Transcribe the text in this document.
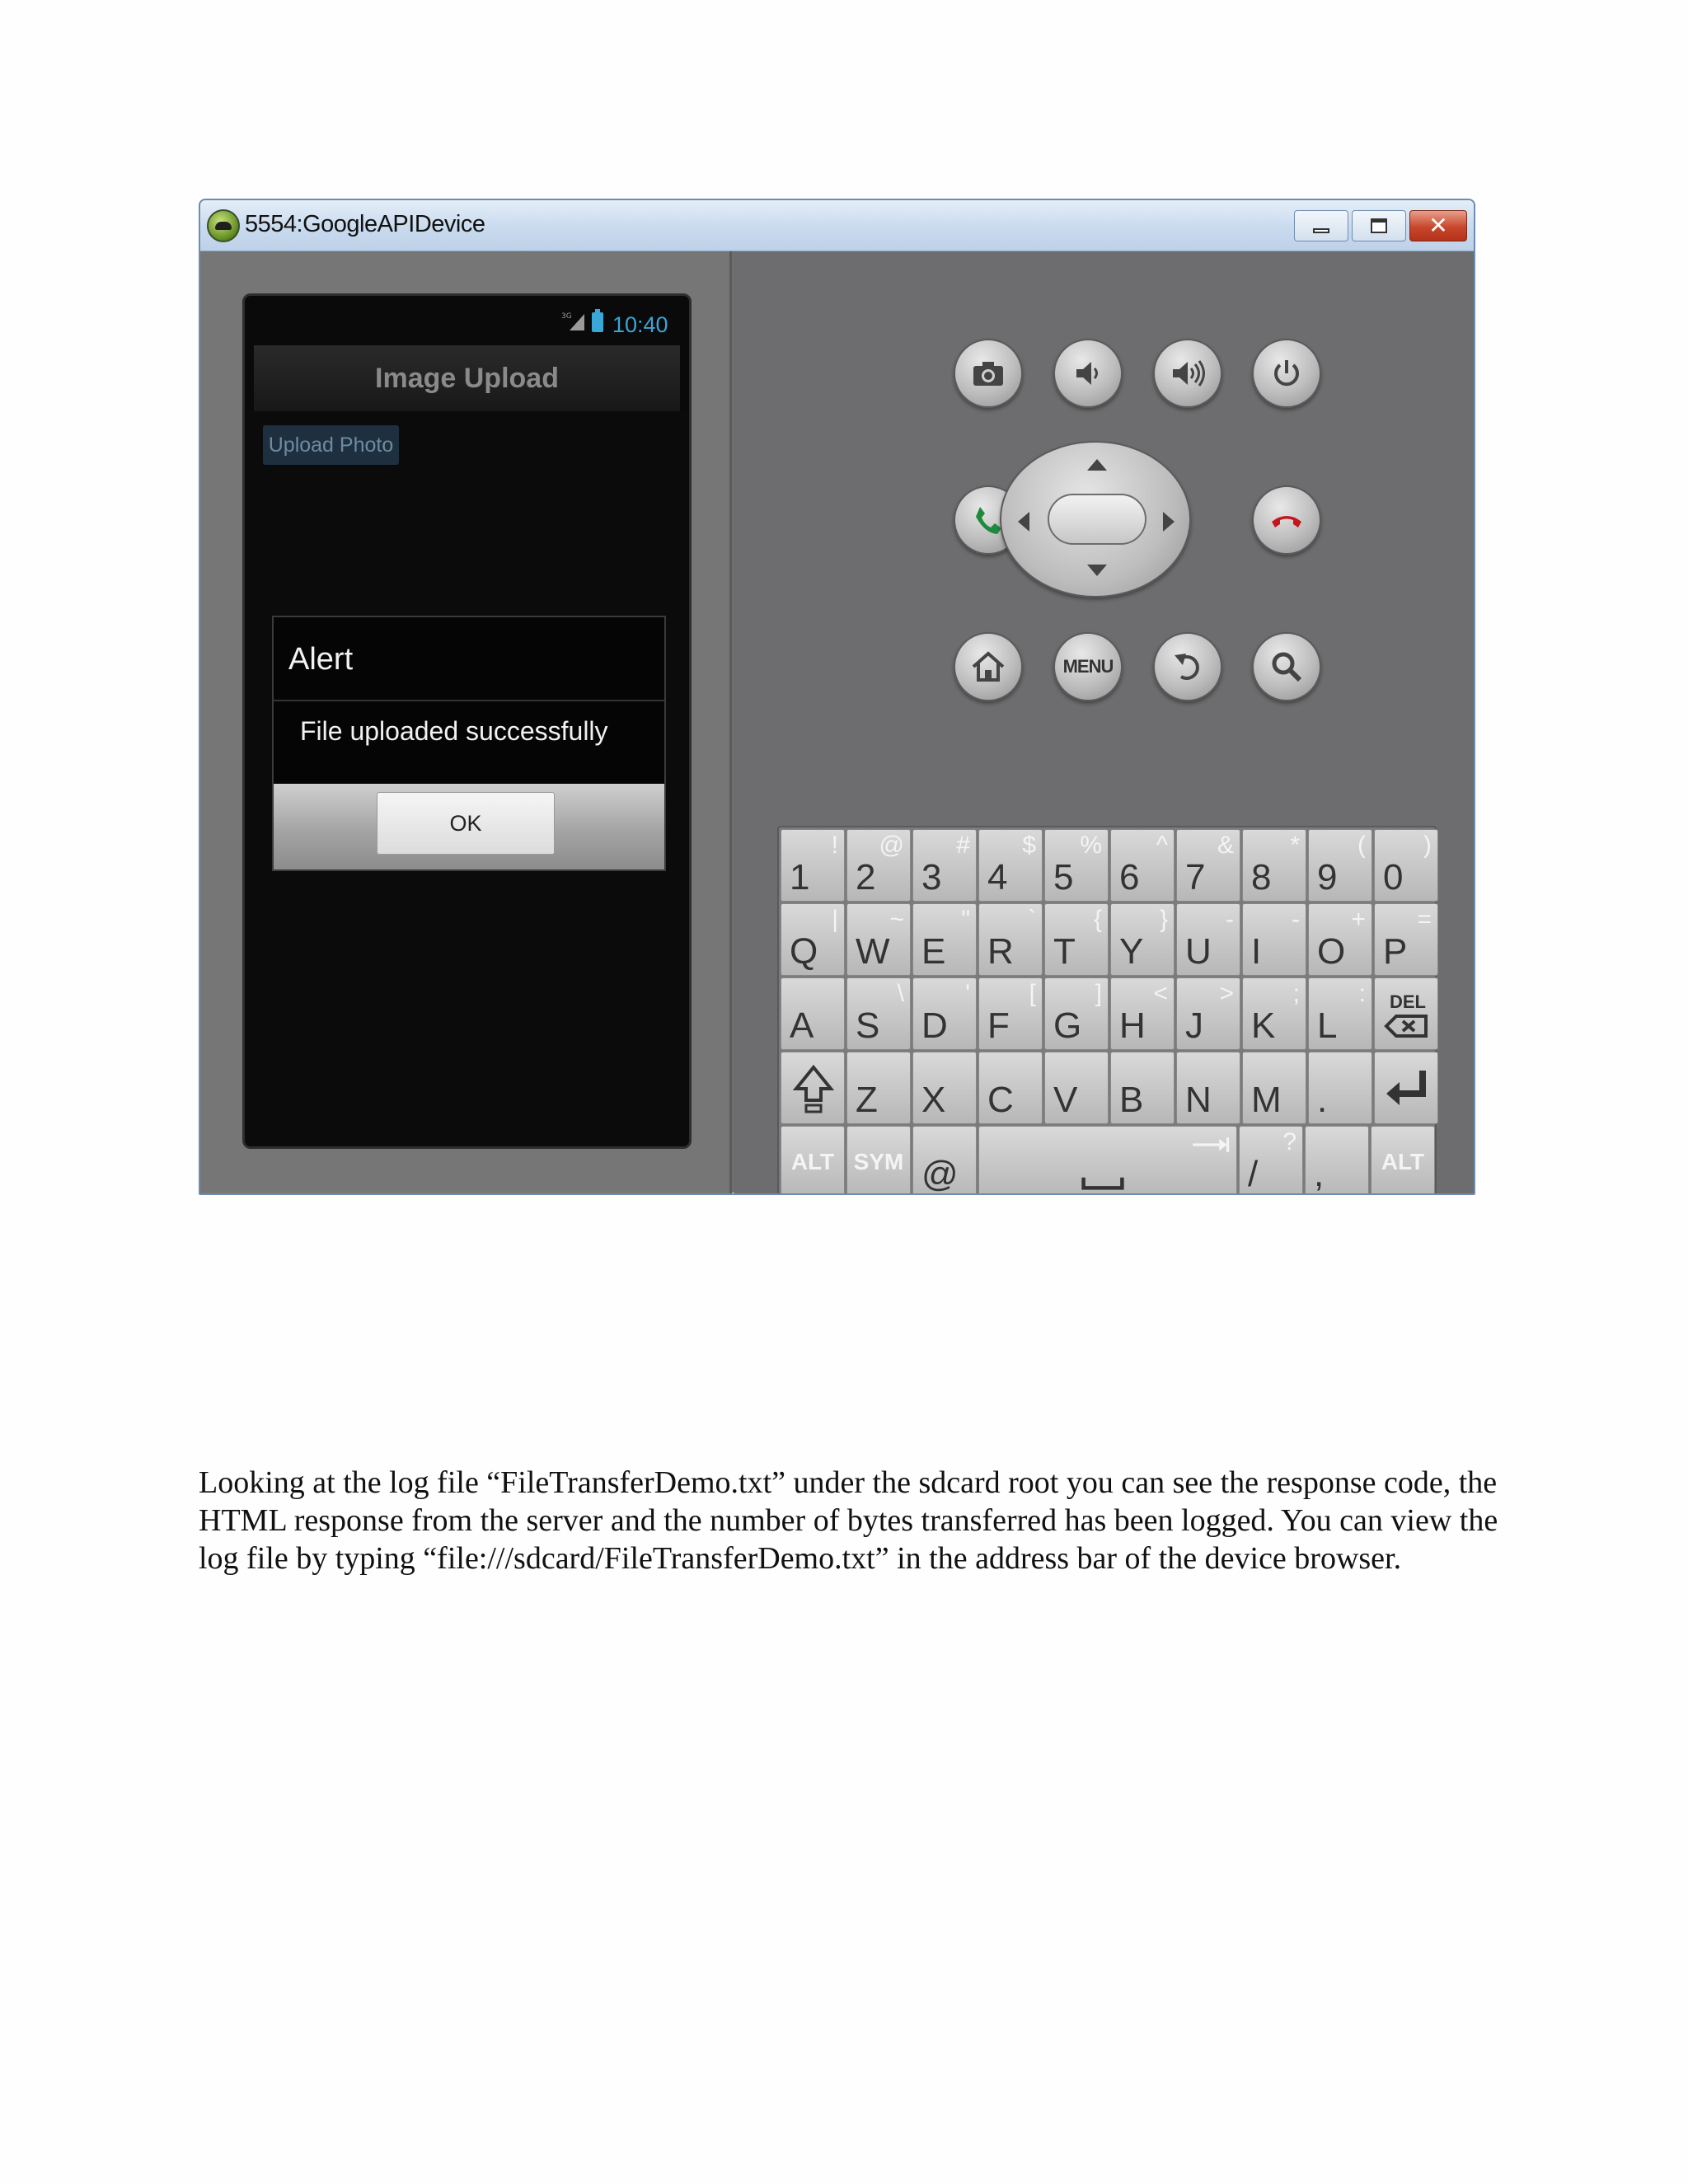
5554:GoogleAPIDevice	✕
3G 10:40
Image Upload
Upload Photo
Alert
File uploaded successfully
OK
MENU
1
!
2
@
3
#
4
$
5
%
6
^
7
&
8
*
9
(
0
)
Q
|
W
~
E
"
R
`
T
{
Y
}
U
-
I
-
O
+
P
=
A S
\
D
'
F
[
G
]
H
<
J
>
K
;
L
: DEL
Z X C V B N M .
ALT SYM @	/
?
,	ALT

Looking at the log file “FileTransferDemo.txt” under the sdcard root you can see the response code, the HTML response from the server and the number of bytes transferred has been logged. You can view the log file by typing “file:///sdcard/FileTransferDemo.txt” in the address bar of the device browser.
